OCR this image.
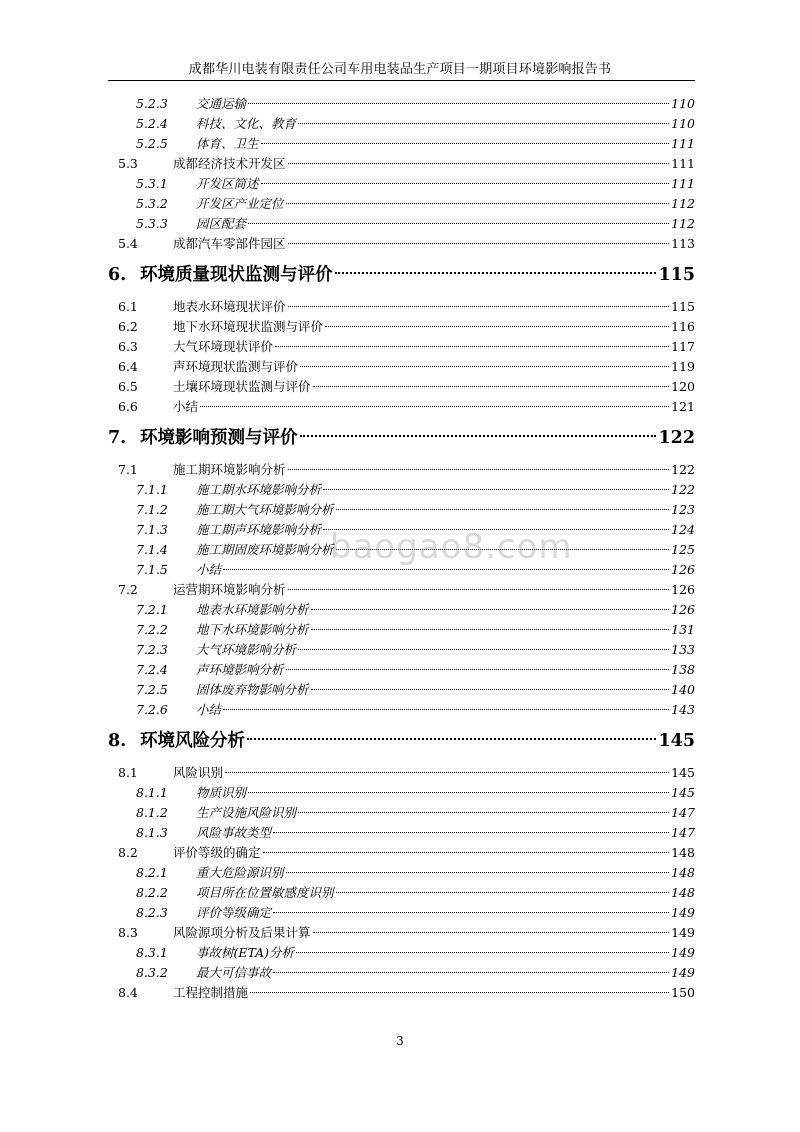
成都华川电装有限责任公司车用电装品生产项目一期项目环境影响报告书
baogao8.com
5.2.3	交通运输	110
5.2.4	科技、文化、教育	110
5.2.5	体育、卫生	111
5.3	成都经济技术开发区	111
5.3.1	开发区简述	111
5.3.2	开发区产业定位	112
5.3.3	园区配套	112
5.4	成都汽车零部件园区	113
6. 环境质量现状监测与评价	115
6.1	地表水环境现状评价	115
6.2	地下水环境现状监测与评价	116
6.3	大气环境现状评价	117
6.4	声环境现状监测与评价	119
6.5	土壤环境现状监测与评价	120
6.6	小结	121
7. 环境影响预测与评价	122
7.1	施工期环境影响分析	122
7.1.1	施工期水环境影响分析	122
7.1.2	施工期大气环境影响分析	123
7.1.3	施工期声环境影响分析	124
7.1.4	施工期固废环境影响分析	125
7.1.5	小结	126
7.2	运营期环境影响分析	126
7.2.1	地表水环境影响分析	126
7.2.2	地下水环境影响分析	131
7.2.3	大气环境影响分析	133
7.2.4	声环境影响分析	138
7.2.5	固体废弃物影响分析	140
7.2.6	小结	143
8. 环境风险分析	145
8.1	风险识别	145
8.1.1	物质识别	145
8.1.2	生产设施风险识别	147
8.1.3	风险事故类型	147
8.2	评价等级的确定	148
8.2.1	重大危险源识别	148
8.2.2	项目所在位置敏感度识别	148
8.2.3	评价等级确定	149
8.3	风险源项分析及后果计算	149
8.3.1	事故树(ETA)分析	149
8.3.2	最大可信事故	149
8.4	工程控制措施	150
3
